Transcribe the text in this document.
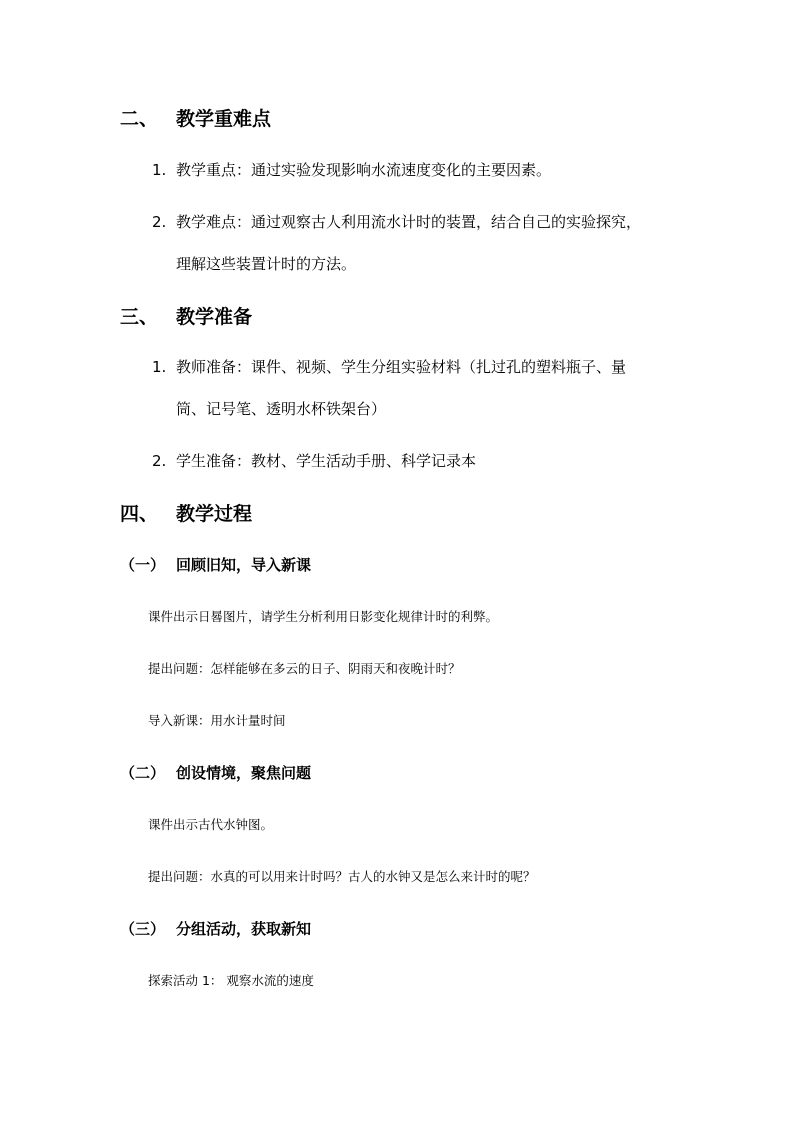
二、 教学重难点
1. 教学重点：通过实验发现影响水流速度变化的主要因素。
2. 教学难点：通过观察古人利用流水计时的装置，结合自己的实验探究，
理解这些装置计时的方法。
三、 教学准备
1. 教师准备：课件、视频、学生分组实验材料（扎过孔的塑料瓶子、量
筒、记号笔、透明水杯铁架台）
2. 学生准备：教材、学生活动手册、科学记录本
四、 教学过程
（一） 回顾旧知，导入新课
课件出示日晷图片，请学生分析利用日影变化规律计时的利弊。
提出问题：怎样能够在多云的日子、阴雨天和夜晚计时？
导入新课：用水计量时间
（二） 创设情境，聚焦问题
课件出示古代水钟图。
提出问题：水真的可以用来计时吗？古人的水钟又是怎么来计时的呢？
（三） 分组活动，获取新知
探索活动 1： 观察水流的速度
